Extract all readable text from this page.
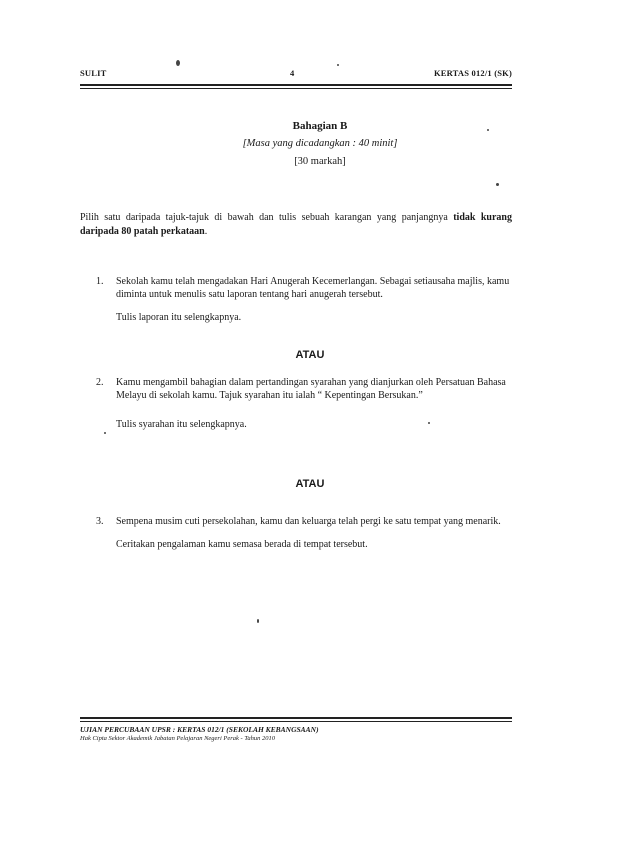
SULIT	4	KERTAS 012/1 (SK)
Bahagian B
[Masa yang dicadangkan : 40 minit]
[30 markah]
Pilih satu daripada tajuk-tajuk di bawah dan tulis sebuah karangan yang panjangnya tidak kurang daripada 80 patah perkataan.
1. Sekolah kamu telah mengadakan Hari Anugerah Kecemerlangan. Sebagai setiausaha majlis, kamu diminta untuk menulis satu laporan tentang hari anugerah tersebut.
Tulis laporan itu selengkapnya.
ATAU
2. Kamu mengambil bahagian dalam pertandingan syarahan yang dianjurkan oleh Persatuan Bahasa Melayu di sekolah kamu. Tajuk syarahan itu ialah “ Kepentingan Bersukan.”
Tulis syarahan itu selengkapnya.
ATAU
3. Sempena musim cuti persekolahan, kamu dan keluarga telah pergi ke satu tempat yang menarik.
Ceritakan pengalaman kamu semasa berada di tempat tersebut.
UJIAN PERCUBAAN UPSR : KERTAS 012/1 (SEKOLAH KEBANGSAAN)
Hak Cipta Sektor Akademik Jabatan Pelajaran Negeri Perak - Tahun 2010
